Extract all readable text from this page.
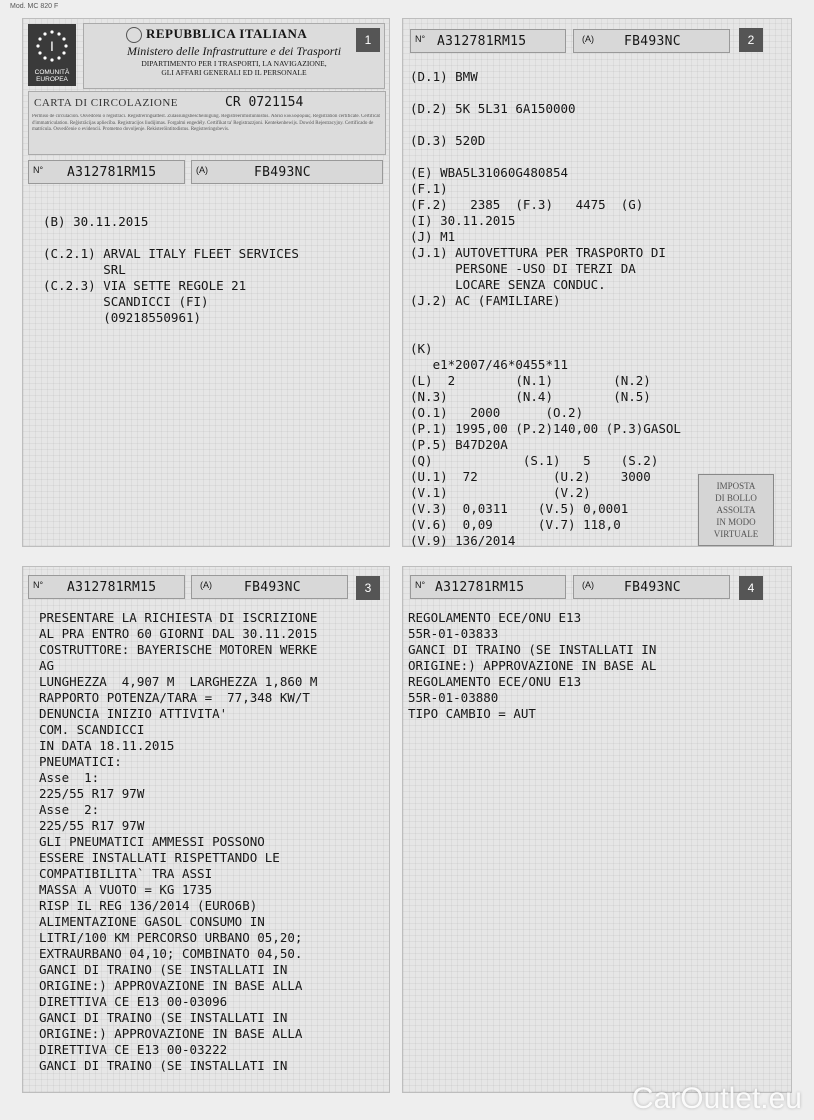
Mod. MC 820 F
I
COMUNITÀ
EUROPEA
REPUBBLICA ITALIANA
Ministero delle Infrastrutture e dei Trasporti
DIPARTIMENTO PER I TRASPORTI, LA NAVIGAZIONE,
GLI AFFARI GENERALI ED IL PERSONALE
1
CARTA DI CIRCOLAZIONE	CR 0721154
Permiso de circulación. Osvědčení o registraci. Registreringsattest. Zulassungsbescheinigung. Registreerimistunnistus. Άδεια κυκλοφορίας. Registration certificate. Certificat d'immatriculation. Reģistrācijas apliecība. Registracijos liudijimas. Forgalmi engedély. Certifikat ta' Registrazzjoni. Kentekenbewijs. Dowód Rejestracyjny. Certificado de matrícula. Osvedčenie o evidencii. Prometno dovoljenje. Rekisteröintitodistus. Registreringsbevis.
N° A312781RM15	(A)	FB493NC
(B) 30.11.2015

(C.2.1) ARVAL ITALY FLEET SERVICES
SRL
(C.2.3) VIA SETTE REGOLE 21
SCANDICCI (FI)
(09218550961)
N° A312781RM15	(A) FB493NC	2
(D.1) BMW

(D.2) 5K 5L31 6A150000

(D.3) 520D

(E) WBA5L31060G480854
(F.1)
(F.2)   2385  (F.3)   4475  (G)
(I) 30.11.2015
(J) M1
(J.1) AUTOVETTURA PER TRASPORTO DI
PERSONE -USO DI TERZI DA
LOCARE SENZA CONDUC.
(J.2) AC (FAMILIARE)

(K)
e1*2007/46*0455*11
(L)  2        (N.1)        (N.2)
(N.3)         (N.4)        (N.5)
(O.1)   2000      (O.2)
(P.1) 1995,00 (P.2)140,00 (P.3)GASOL
(P.5) B47D20A
(Q)            (S.1)   5    (S.2)
(U.1)  72          (U.2)    3000
(V.1)              (V.2)
(V.3)  0,0311    (V.5) 0,0001
(V.6)  0,09      (V.7) 118,0
(V.9) 136/2014
IMPOSTA
DI BOLLO
ASSOLTA
IN MODO
VIRTUALE
N° A312781RM15	(A) FB493NC	3
PRESENTARE LA RICHIESTA DI ISCRIZIONE
AL PRA ENTRO 60 GIORNI DAL 30.11.2015
COSTRUTTORE: BAYERISCHE MOTOREN WERKE
AG
LUNGHEZZA  4,907 M  LARGHEZZA 1,860 M
RAPPORTO POTENZA/TARA =  77,348 KW/T
DENUNCIA INIZIO ATTIVITA'
COM. SCANDICCI
IN DATA 18.11.2015
PNEUMATICI:
Asse  1:
225/55 R17 97W
Asse  2:
225/55 R17 97W
GLI PNEUMATICI AMMESSI POSSONO
ESSERE INSTALLATI RISPETTANDO LE
COMPATIBILITA` TRA ASSI
MASSA A VUOTO = KG 1735
RISP IL REG 136/2014 (EURO6B)
ALIMENTAZIONE GASOL CONSUMO IN
LITRI/100 KM PERCORSO URBANO 05,20;
EXTRAURBANO 04,10; COMBINATO 04,50.
GANCI DI TRAINO (SE INSTALLATI IN
ORIGINE:) APPROVAZIONE IN BASE ALLA
DIRETTIVA CE E13 00-03096
GANCI DI TRAINO (SE INSTALLATI IN
ORIGINE:) APPROVAZIONE IN BASE ALLA
DIRETTIVA CE E13 00-03222
GANCI DI TRAINO (SE INSTALLATI IN
N° A312781RM15	(A) FB493NC	4
REGOLAMENTO ECE/ONU E13
55R-01-03833
GANCI DI TRAINO (SE INSTALLATI IN
ORIGINE:) APPROVAZIONE IN BASE AL
REGOLAMENTO ECE/ONU E13
55R-01-03880
TIPO CAMBIO = AUT
CarOutlet.eu
